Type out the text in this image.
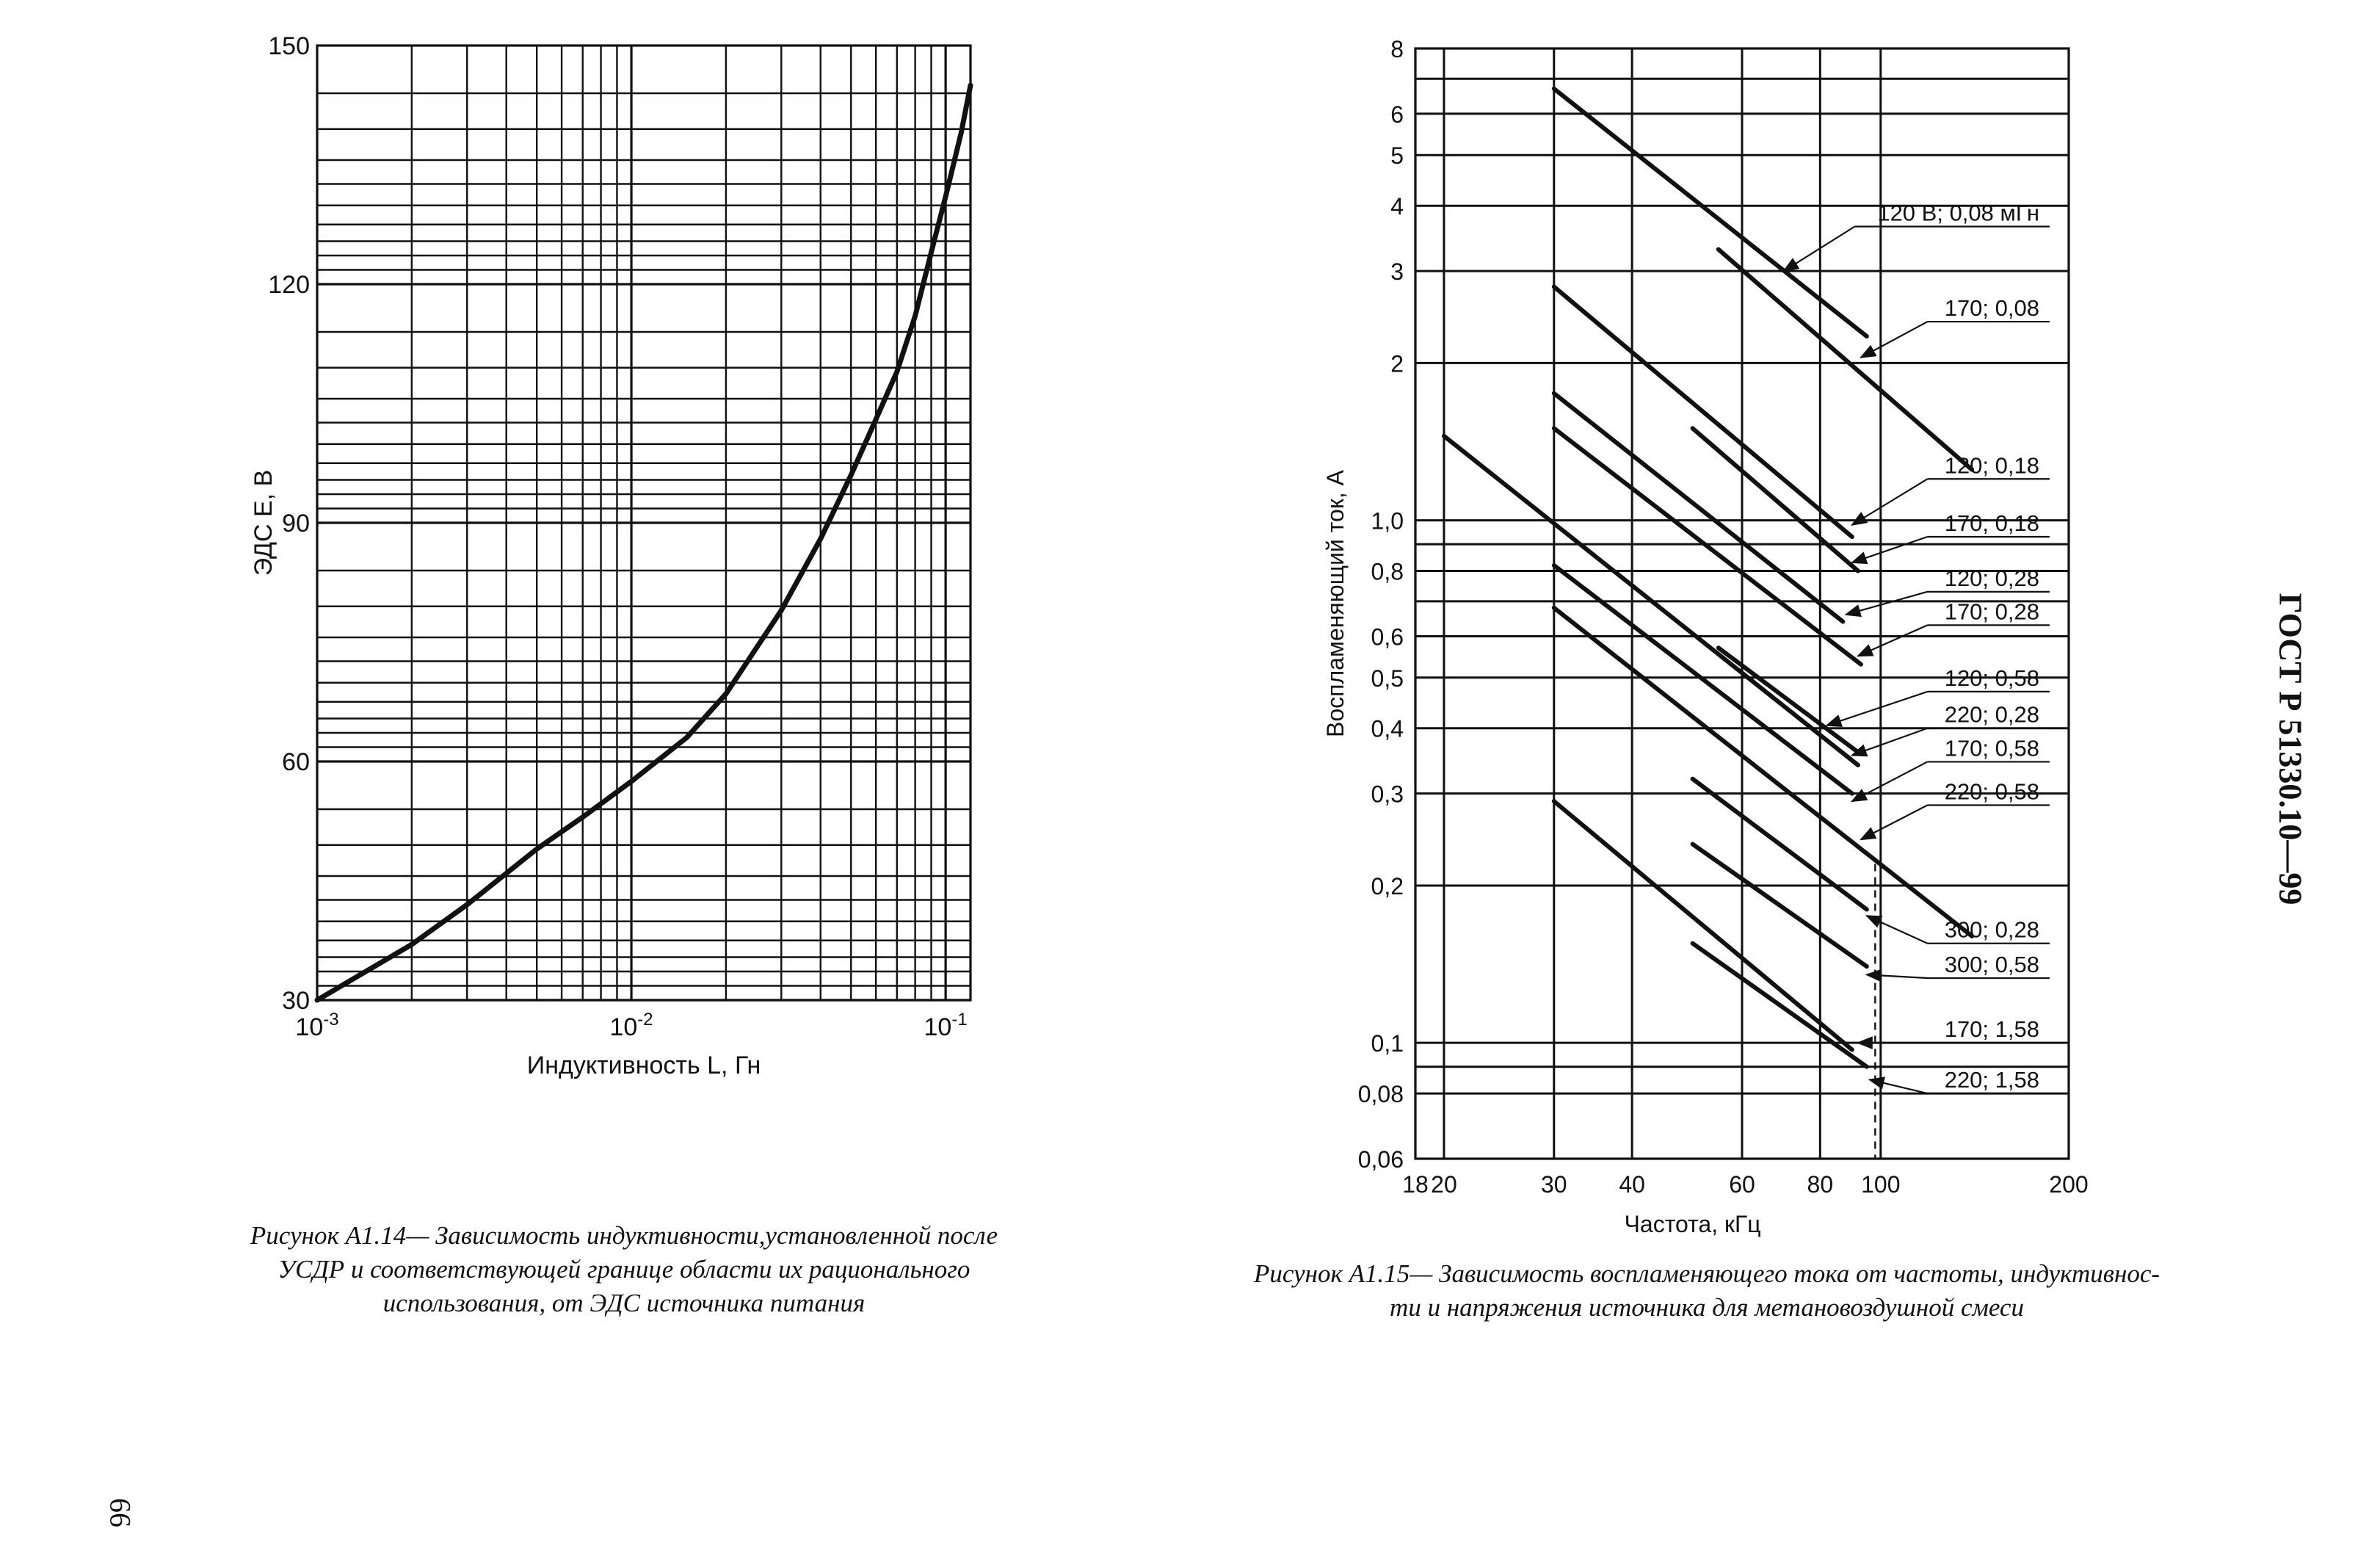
30
60
90
120
150
$10^{-3}$	$10^{-2}$	$10^{-1}$
Индуктивность L, Гн
ЭДС E, В
0,06
0,08
0,1
0,2
0,3
0,4
0,5
0,6
0,8
1,0
2
3
4
5
6
8
18 20	30 40	60 80 100	200
Частота, кГц
Воспламеняющий ток, А
120 В; 0,08 мГн
170; 0,08
120; 0,18
170; 0,18
120; 0,28
170; 0,28
120; 0,58
220; 0,28
170; 0,58
220; 0,58
300; 0,28
300; 0,58
170; 1,58
220; 1,58
Рисунок А1.14— Зависимость индуктивности,установленной после
УСДР и соответствующей границе области их рационального
использования, от ЭДС источника питания
Рисунок А1.15— Зависимость воспламеняющего тока от частоты, индуктивнос-
ти и напряжения источника для метановоздушной смеси
ГОСТ Р 51330.10—99
66
